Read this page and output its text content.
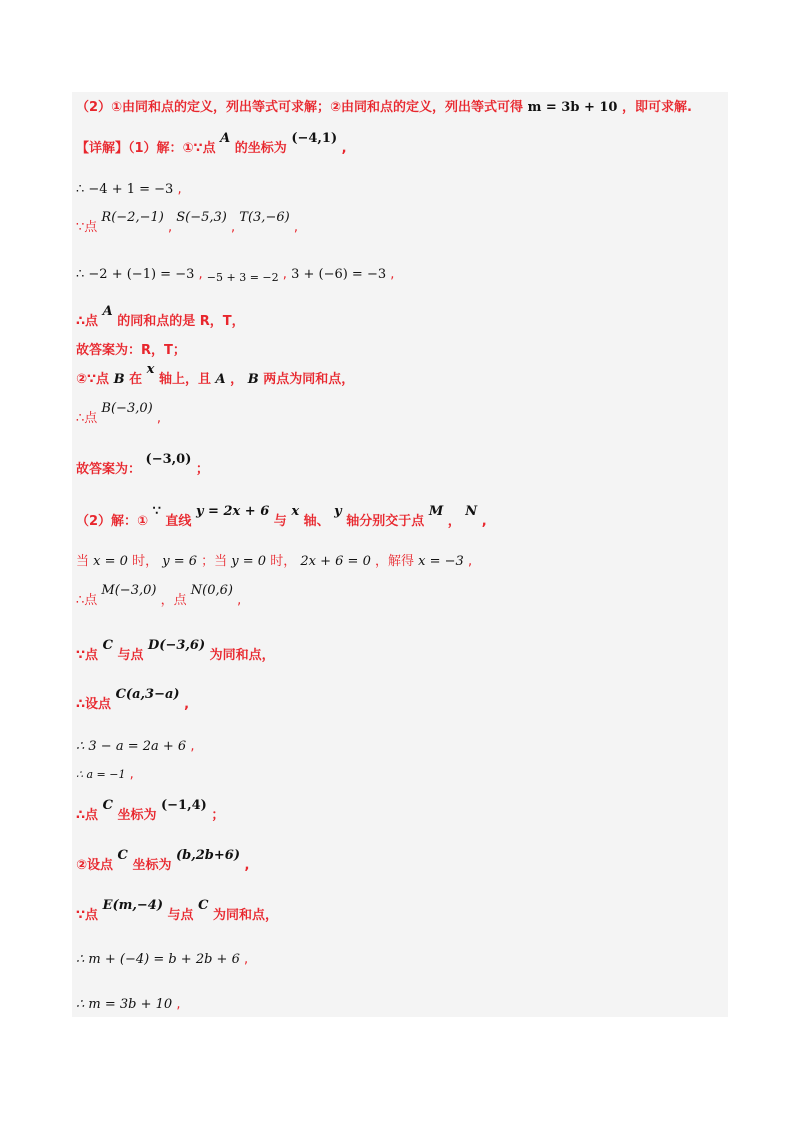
（2）①由同和点的定义，列出等式可求解；②由同和点的定义，列出等式可得 m = 3b + 10 ，即可求解.
【详解】（1）解：①∵点 A 的坐标为 (−4,1) ,
∴ −4 + 1 = −3 ,
∵点 R(−2,−1) , S(−5,3) , T(3,−6) ,
∴ −2 + (−1) = −3 , $_{-5 + 3 = -2}$ , 3 + (−6) = −3 ,
∴点 A 的同和点的是 R，T，
故答案为：R，T；
②∵点 B 在 x 轴上，且 A ， B 两点为同和点，
∴点 B(−3,0) ,
故答案为： (−3,0) ；
（2）解：① ∵ 直线 y = 2x + 6 与 x 轴、 y 轴分别交于点 M ， N ,
当 x = 0 时， y = 6 ；当 y = 0 时， 2x + 6 = 0 ，解得 x = −3 ,
∴点 M(−3,0) ，点 N(0,6) ,
∵点 C 与点 D(−3,6) 为同和点，
∴设点 C(a,3−a) ,
∴ 3 − a = 2a + 6 ,
∴ a = −1 ,
∴点 C 坐标为 (−1,4) ；
②设点 C 坐标为 (b,2b+6) ,
∵点 E(m,−4) 与点 C 为同和点，
∴ m + (−4) = b + 2b + 6 ,
∴ m = 3b + 10 ,
